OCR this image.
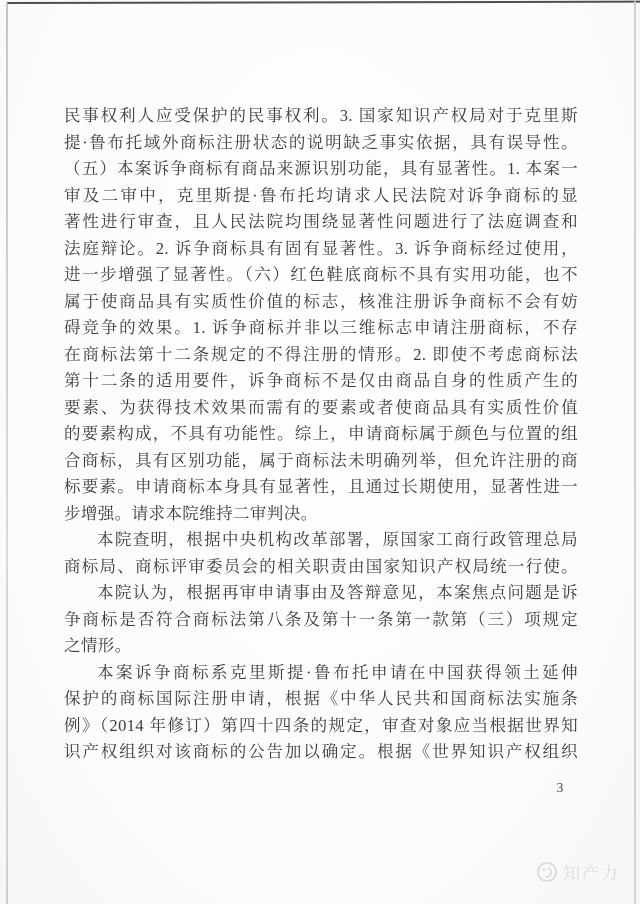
民事权利人应受保护的民事权利。3. 国家知识产权局对于克里斯
提·鲁布托域外商标注册状态的说明缺乏事实依据，具有误导性。
（五）本案诉争商标有商品来源识别功能，具有显著性。1. 本案一
审及二审中，克里斯提·鲁布托均请求人民法院对诉争商标的显
著性进行审查，且人民法院均围绕显著性问题进行了法庭调查和
法庭辩论。2. 诉争商标具有固有显著性。3. 诉争商标经过使用，
进一步增强了显著性。（六）红色鞋底商标不具有实用功能，也不
属于使商品具有实质性价值的标志，核准注册诉争商标不会有妨
碍竞争的效果。1. 诉争商标并非以三维标志申请注册商标，不存
在商标法第十二条规定的不得注册的情形。2. 即使不考虑商标法
第十二条的适用要件，诉争商标不是仅由商品自身的性质产生的
要素、为获得技术效果而需有的要素或者使商品具有实质性价值
的要素构成，不具有功能性。综上，申请商标属于颜色与位置的组
合商标，具有区别功能，属于商标法未明确列举，但允许注册的商
标要素。申请商标本身具有显著性，且通过长期使用，显著性进一
步增强。请求本院维持二审判决。
本院查明，根据中央机构改革部署，原国家工商行政管理总局
商标局、商标评审委员会的相关职责由国家知识产权局统一行使。
本院认为，根据再审申请事由及答辩意见，本案焦点问题是诉
争商标是否符合商标法第八条及第十一条第一款第（三）项规定
之情形。
本案诉争商标系克里斯提·鲁布托申请在中国获得领土延伸
保护的商标国际注册申请，根据《中华人民共和国商标法实施条
例》（2014 年修订）第四十四条的规定，审查对象应当根据世界知
识产权组织对该商标的公告加以确定。根据《世界知识产权组织
3
知产力
